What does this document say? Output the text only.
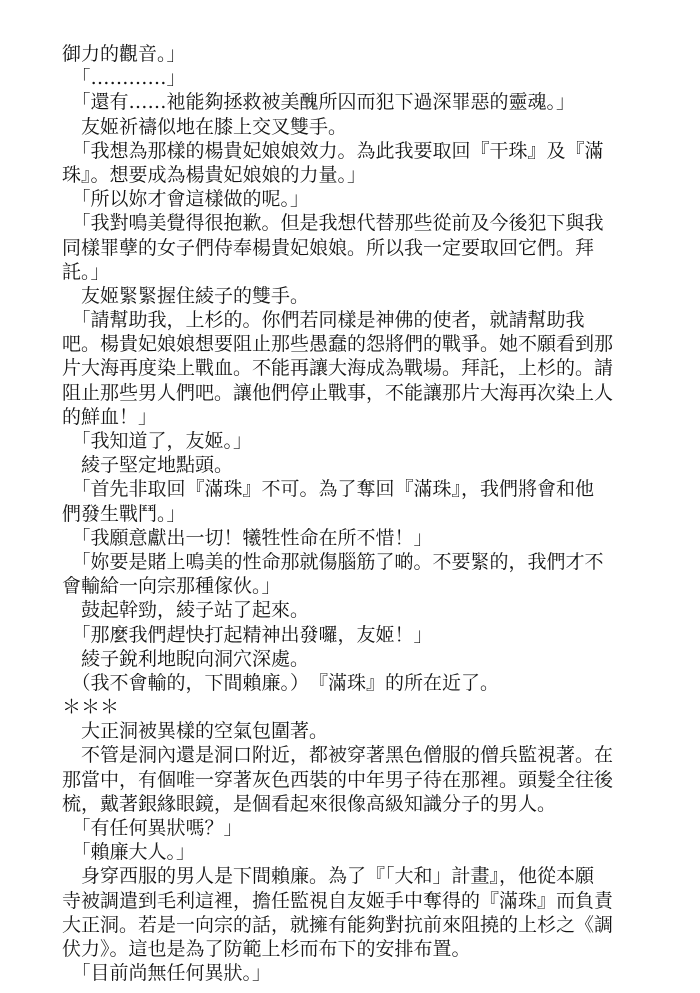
御力的觀音。」
　「…………」
　「還有……祂能夠拯救被美醜所囚而犯下過深罪惡的靈魂。」
　友姬祈禱似地在膝上交叉雙手。
　「我想為那樣的楊貴妃娘娘效力。為此我要取回『干珠』及『滿
珠』。想要成為楊貴妃娘娘的力量。」
　「所以妳才會這樣做的呢。」
　「我對鳴美覺得很抱歉。但是我想代替那些從前及今後犯下與我
同樣罪孽的女子們侍奉楊貴妃娘娘。所以我一定要取回它們。拜
託。」
　友姬緊緊握住綾子的雙手。
　「請幫助我，上杉的。你們若同樣是神佛的使者，就請幫助我
吧。楊貴妃娘娘想要阻止那些愚蠢的怨將們的戰爭。她不願看到那
片大海再度染上戰血。不能再讓大海成為戰場。拜託，上杉的。請
阻止那些男人們吧。讓他們停止戰事，不能讓那片大海再次染上人
的鮮血！」
　「我知道了，友姬。」
　綾子堅定地點頭。
　「首先非取回『滿珠』不可。為了奪回『滿珠』，我們將會和他
們發生戰鬥。」
　「我願意獻出一切！犧牲性命在所不惜！」
　「妳要是賭上鳴美的性命那就傷腦筋了啲。不要緊的，我們才不
會輸給一向宗那種傢伙。」
　鼓起幹勁，綾子站了起來。
　「那麼我們趕快打起精神出發囉，友姬！」
　綾子銳利地睨向洞穴深處。
　（我不會輸的，下間賴廉。）　『滿珠』的所在近了。
＊＊＊
　大正洞被異樣的空氣包圍著。
　不管是洞內還是洞口附近，都被穿著黑色僧服的僧兵監視著。在
那當中，有個唯一穿著灰色西裝的中年男子待在那裡。頭髮全往後
梳，戴著銀緣眼鏡，是個看起來很像高級知識分子的男人。
　「有任何異狀嗎？」
　「賴廉大人。」
　身穿西服的男人是下間賴廉。為了『「大和」計畫』，他從本願
寺被調遣到毛利這裡，擔任監視自友姬手中奪得的『滿珠』而負責
大正洞。若是一向宗的話，就擁有能夠對抗前來阻撓的上杉之《調
伏力》。這也是為了防範上杉而布下的安排布置。
　「目前尚無任何異狀。」
